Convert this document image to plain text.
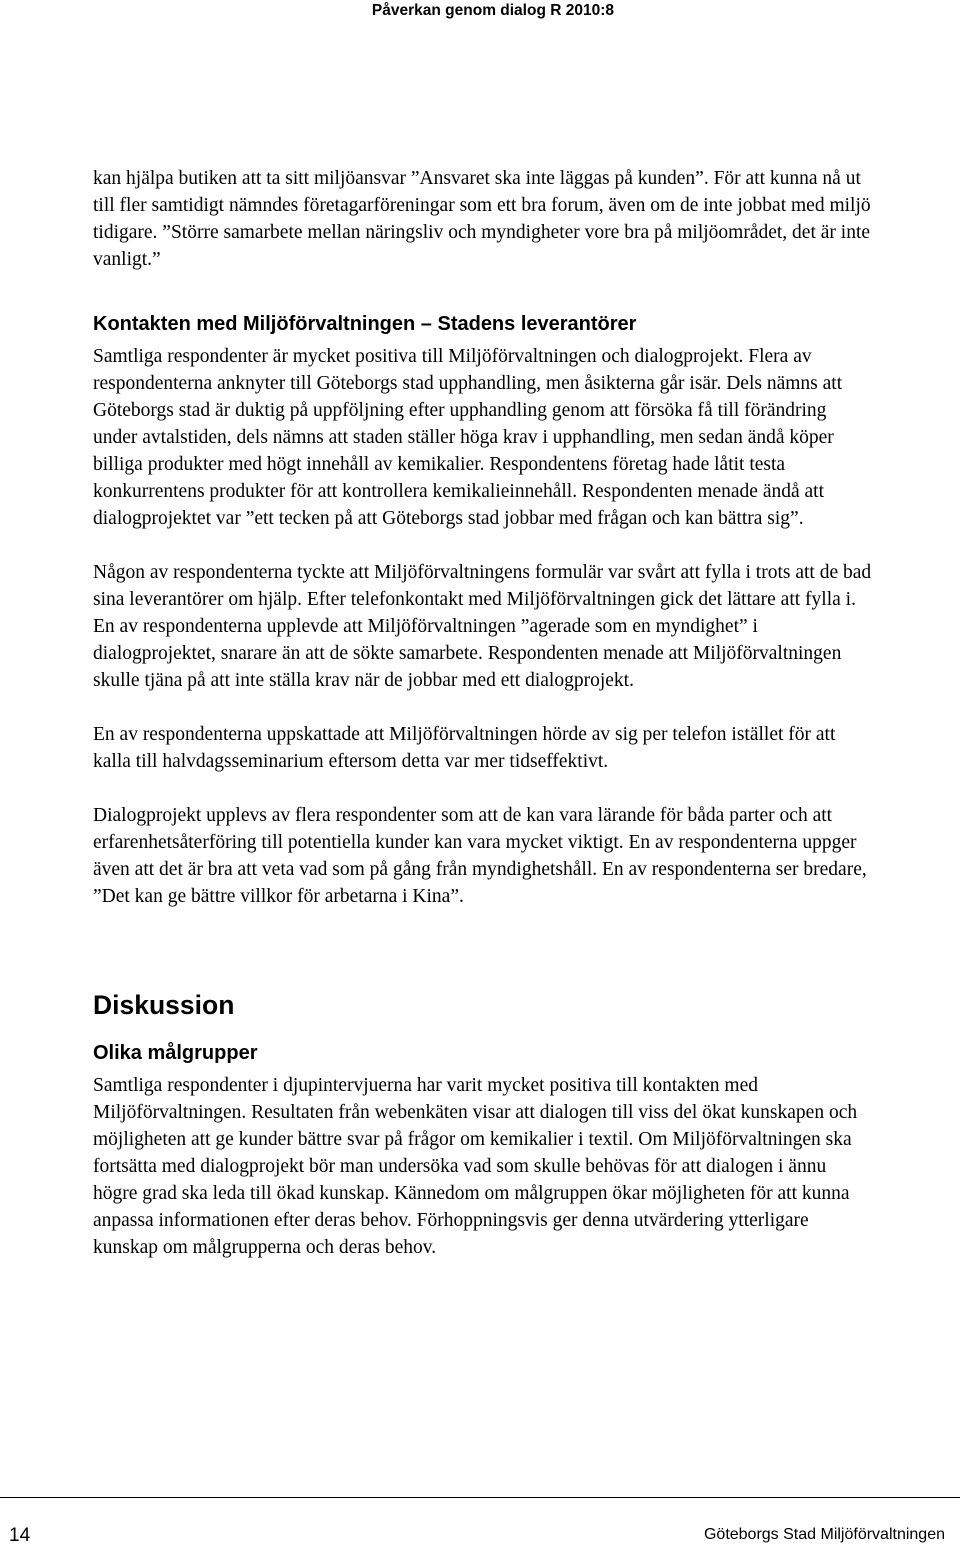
Påverkan genom dialog R 2010:8

kan hjälpa butiken att ta sitt miljöansvar ”Ansvaret ska inte läggas på kunden”. För att kunna nå ut till fler samtidigt nämndes företagarföreningar som ett bra forum, även om de inte jobbat med miljö tidigare. ”Större samarbete mellan näringsliv och myndigheter vore bra på miljöområdet, det är inte vanligt.”

Kontakten med Miljöförvaltningen – Stadens leverantörer

Samtliga respondenter är mycket positiva till Miljöförvaltningen och dialogprojekt. Flera av respondenterna anknyter till Göteborgs stad upphandling, men åsikterna går isär. Dels nämns att Göteborgs stad är duktig på uppföljning efter upphandling genom att försöka få till förändring under avtalstiden, dels nämns att staden ställer höga krav i upphandling, men sedan ändå köper billiga produkter med högt innehåll av kemikalier. Respondentens företag hade låtit testa konkurrentens produkter för att kontrollera kemikalieinnehåll. Respondenten menade ändå att dialogprojektet var ”ett tecken på att Göteborgs stad jobbar med frågan och kan bättra sig”.

Någon av respondenterna tyckte att Miljöförvaltningens formulär var svårt att fylla i trots att de bad sina leverantörer om hjälp. Efter telefonkontakt med Miljöförvaltningen gick det lättare att fylla i. En av respondenterna upplevde att Miljöförvaltningen ”agerade som en myndighet” i dialogprojektet, snarare än att de sökte samarbete. Respondenten menade att Miljöförvaltningen skulle tjäna på att inte ställa krav när de jobbar med ett dialogprojekt.

En av respondenterna uppskattade att Miljöförvaltningen hörde av sig per telefon istället för att kalla till halvdagsseminarium eftersom detta var mer tidseffektivt.

Dialogprojekt upplevs av flera respondenter som att de kan vara lärande för båda parter och att erfarenhetsåterföring till potentiella kunder kan vara mycket viktigt. En av respondenterna uppger även att det är bra att veta vad som på gång från myndighetshåll. En av respondenterna ser bredare, ”Det kan ge bättre villkor för arbetarna i Kina”.

Diskussion
Olika målgrupper

Samtliga respondenter i djupintervjuerna har varit mycket positiva till kontakten med Miljöförvaltningen. Resultaten från webenkäten visar att dialogen till viss del ökat kunskapen och möjligheten att ge kunder bättre svar på frågor om kemikalier i textil. Om Miljöförvaltningen ska fortsätta med dialogprojekt bör man undersöka vad som skulle behövas för att dialogen i ännu högre grad ska leda till ökad kunskap. Kännedom om målgruppen ökar möjligheten för att kunna anpassa informationen efter deras behov. Förhoppningsvis ger denna utvärdering ytterligare kunskap om målgrupperna och deras behov.

14	Göteborgs Stad Miljöförvaltningen
